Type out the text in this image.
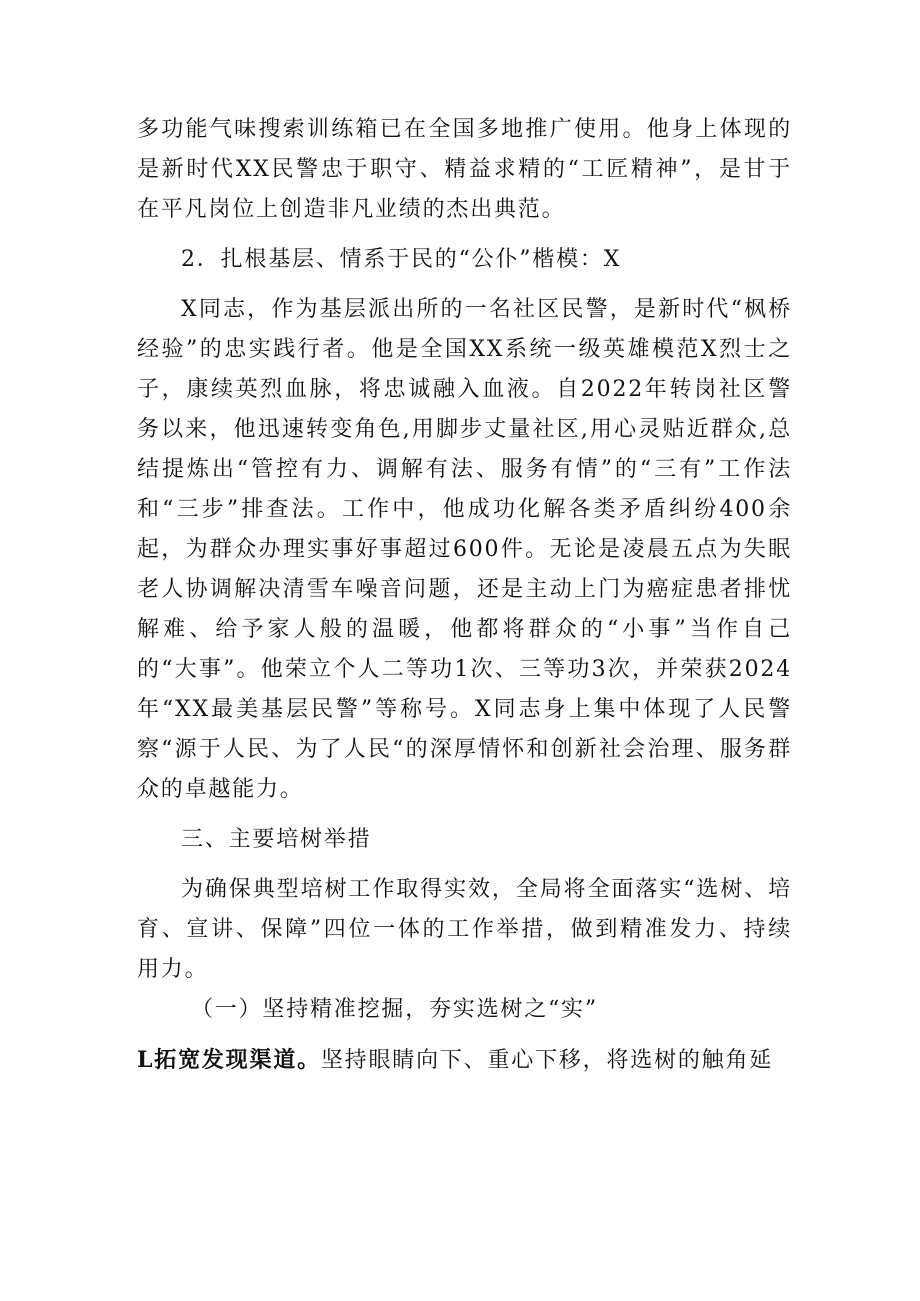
多功能气味搜索训练箱已在全国多地推广使用。他身上体现的是新时代XX民警忠于职守、精益求精的“工匠精神”，是甘于在平凡岗位上创造非凡业绩的杰出典范。

2．扎根基层、情系于民的“公仆”楷模：X

X同志，作为基层派出所的一名社区民警，是新时代“枫桥经验”的忠实践行者。他是全国XX系统一级英雄模范X烈士之子，康续英烈血脉，将忠诚融入血液。自2022年转岗社区警务以来，他迅速转变角色,用脚步丈量社区,用心灵贴近群众,总结提炼出“管控有力、调解有法、服务有情”的“三有”工作法和“三步”排查法。工作中，他成功化解各类矛盾纠纷400余起，为群众办理实事好事超过600件。无论是凌晨五点为失眠老人协调解决清雪车噪音问题，还是主动上门为癌症患者排忧解难、给予家人般的温暖，他都将群众的“小事”当作自己的“大事”。他荣立个人二等功1次、三等功3次，并荣获2024年“XX最美基层民警”等称号。X同志身上集中体现了人民警察“源于人民、为了人民“的深厚情怀和创新社会治理、服务群众的卓越能力。

三、主要培树举措

为确保典型培树工作取得实效，全局将全面落实“选树、培育、宣讲、保障”四位一体的工作举措，做到精准发力、持续用力。

（一）坚持精准挖掘，夯实选树之“实”

L拓宽发现渠道。坚持眼睛向下、重心下移，将选树的触角延
